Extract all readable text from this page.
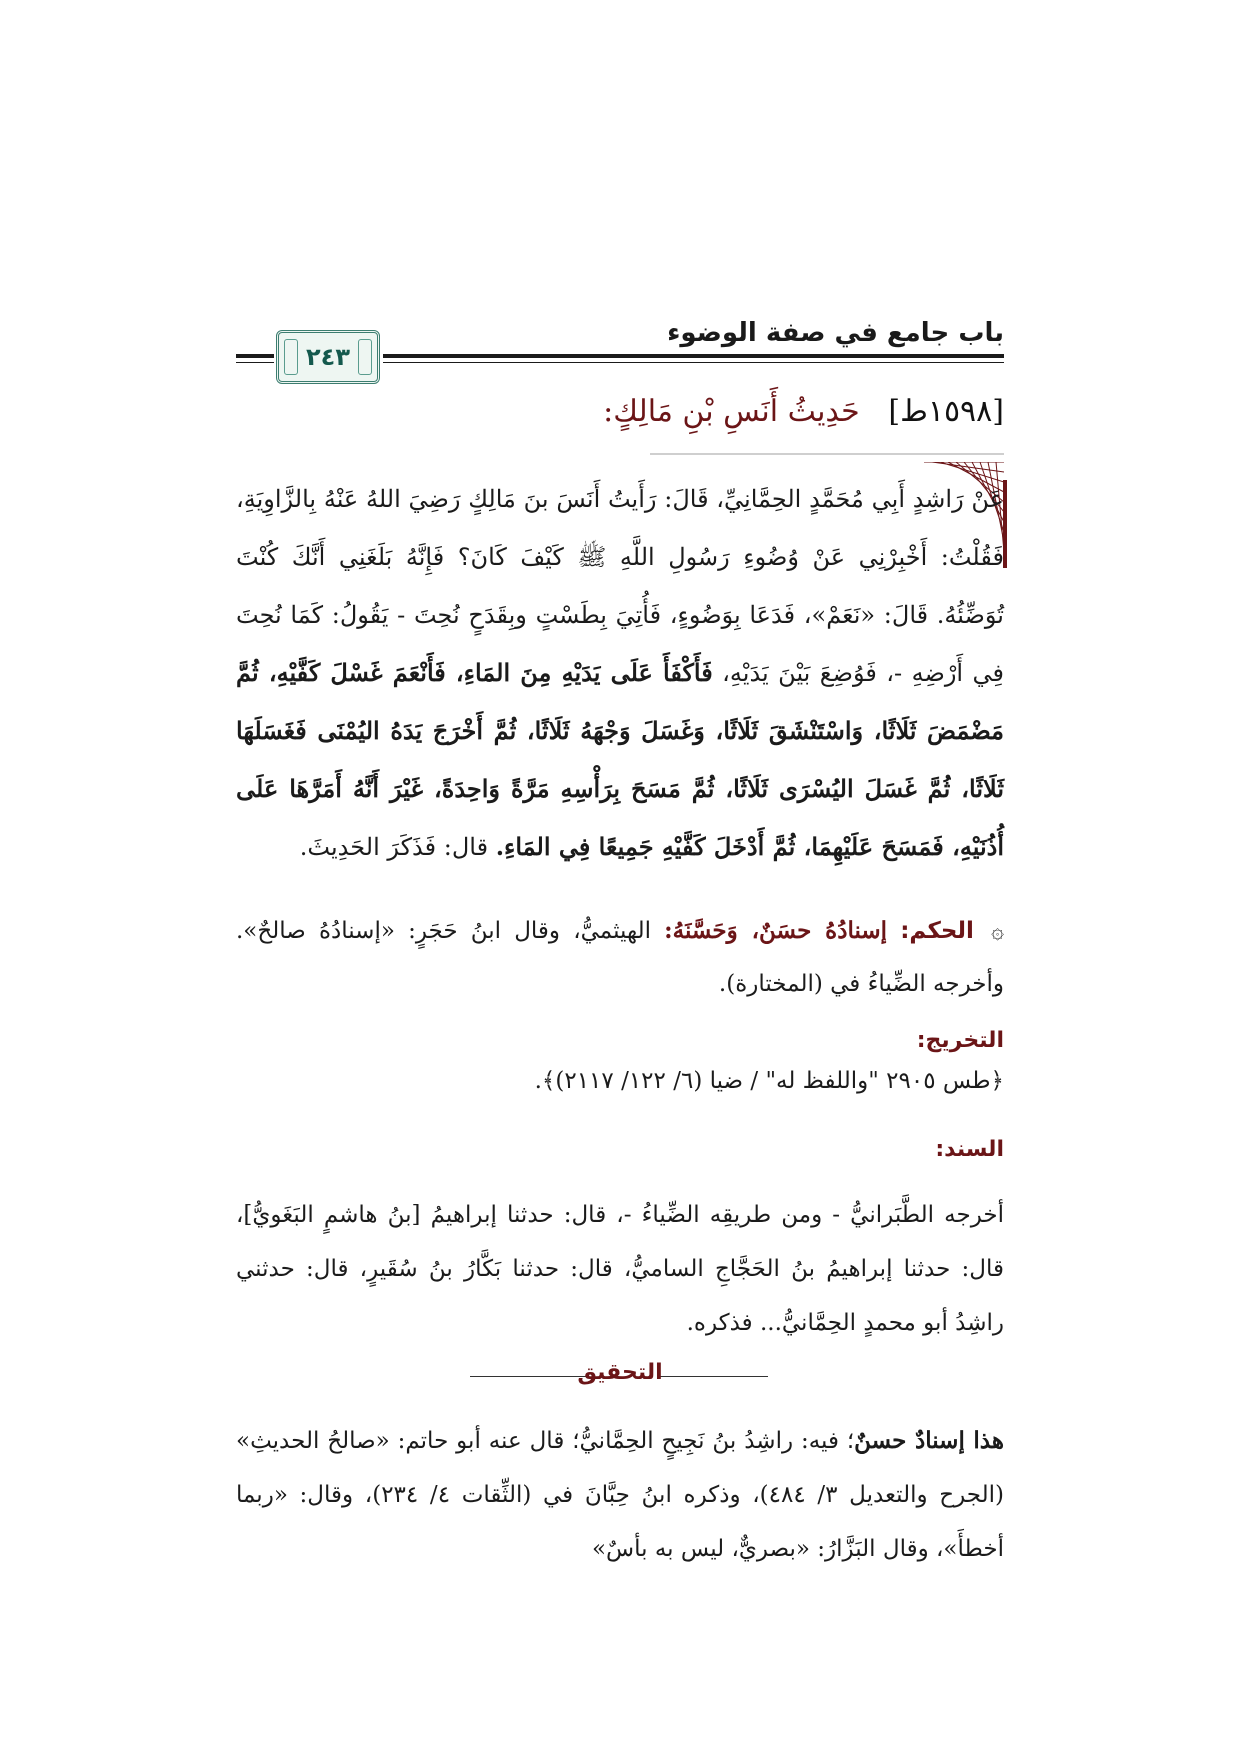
باب جامع في صفة الوضوء
٢٤٣
[١٥٩٨ط]   حَدِيثُ أَنَسِ بْنِ مَالِكٍ:
عَنْ رَاشِدٍ أَبِي مُحَمَّدٍ الحِمَّانِيِّ، قَالَ: رَأَيتُ أَنَسَ بنَ مَالِكٍ رَضِيَ اللهُ عَنْهُ بِالزَّاوِيَةِ، فَقُلْتُ: أَخْبِرْنِي عَنْ وُضُوءِ رَسُولِ اللَّهِ ﷺ كَيْفَ كَانَ؟ فَإِنَّهُ بَلَغَنِي أَنَّكَ كُنْتَ تُوَضِّئُهُ. قَالَ: «نَعَمْ»، فَدَعَا بِوَضُوءٍ، فَأُتِيَ بِطَسْتٍ وبِقَدَحٍ نُحِتَ - يَقُولُ: كَمَا نُحِتَ فِي أَرْضِهِ -، فَوُضِعَ بَيْنَ يَدَيْهِ، فَأَكْفَأَ عَلَى يَدَيْهِ مِنَ المَاءِ، فَأَنْعَمَ غَسْلَ كَفَّيْهِ، ثُمَّ مَضْمَضَ ثَلَاثًا، وَاسْتَنْشَقَ ثَلَاثًا، وَغَسَلَ وَجْهَهُ ثَلَاثًا، ثُمَّ أَخْرَجَ يَدَهُ اليُمْنَى فَغَسَلَهَا ثَلَاثًا، ثُمَّ غَسَلَ اليُسْرَى ثَلَاثًا، ثُمَّ مَسَحَ بِرَأْسِهِ مَرَّةً وَاحِدَةً، غَيْرَ أَنَّهُ أَمَرَّهَا عَلَى أُذُنَيْهِ، فَمَسَحَ عَلَيْهِمَا، ثُمَّ أَدْخَلَ كَفَّيْهِ جَمِيعًا فِي المَاءِ. قال: فَذَكَرَ الحَدِيثَ.
۞ الحكم: إسنادُهُ حسَنٌ، وَحَسَّنَهُ: الهيثميُّ، وقال ابنُ حَجَرٍ: «إسنادُهُ صالحٌ». وأخرجه الضِّياءُ في (المختارة).
التخريج:
﴿طس ٢٩٠٥ "واللفظ له" / ضيا (٦/ ١٢٢/ ٢١١٧)﴾.
السند:
أخرجه الطَّبَرانيُّ - ومن طريقِه الضِّياءُ -، قال: حدثنا إبراهيمُ [بنُ هاشمٍ البَغَويُّ]، قال: حدثنا إبراهيمُ بنُ الحَجَّاجِ الساميُّ، قال: حدثنا بَكَّارُ بنُ سُقَيرٍ، قال: حدثني راشِدُ أبو محمدٍ الحِمَّانيُّ... فذكره.
التحقيق
هذا إسنادٌ حسنٌ؛ فيه: راشِدُ بنُ نَجِيحٍ الحِمَّانيُّ؛ قال عنه أبو حاتم: «صالحُ الحديثِ» (الجرح والتعديل ٣/ ٤٨٤)، وذكره ابنُ حِبَّانَ في (الثِّقات ٤/ ٢٣٤)، وقال: «ربما أخطأَ»، وقال البَزَّارُ: «بصريٌّ، ليس به بأسٌ»
